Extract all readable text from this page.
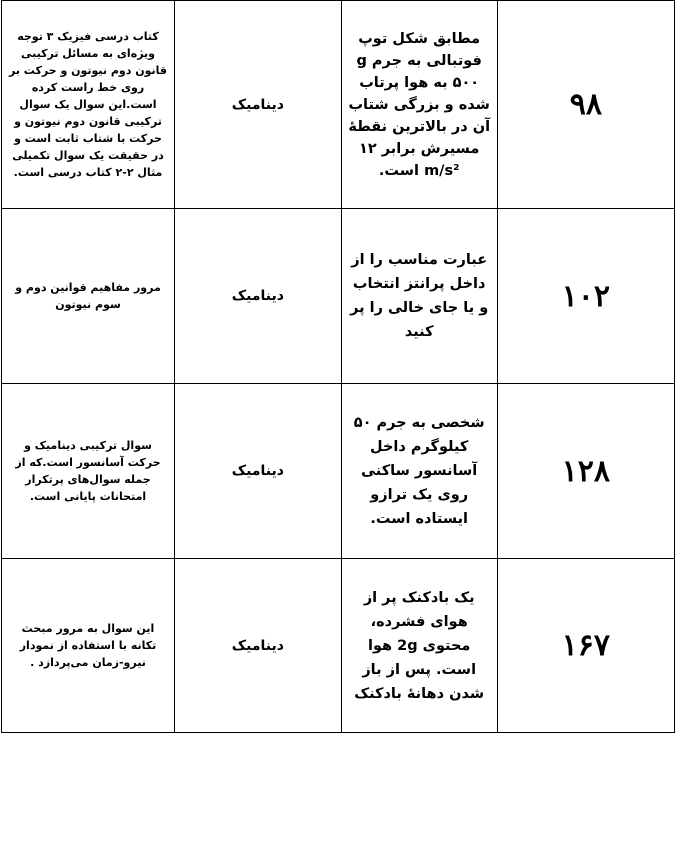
کتاب درسی فیزیک ۳ توجه ویژه‌ای به مسائل ترکیبی قانون دوم نیوتون و حرکت بر روی خط راست کرده است.این سوال یک سوال ترکیبی قانون دوم نیوتون و حرکت با شتاب ثابت است و در حقیقت یک سوال تکمیلی مثال ۲-۲ کتاب درسی است.	دینامیک	مطابق شکل توپ فوتبالی به جرم g ۵۰۰ به هوا پرتاب شده و بزرگی شتاب آن در بالاترین نقطهٔ مسیرش برابر ۱۲ m/s² است.	۹۸

مرور مفاهیم قوانین دوم و سوم نیوتون	دینامیک	عبارت مناسب را از داخل پرانتز انتخاب و یا جای خالی را پر کنید	۱۰۲

سوال ترکیبی دینامیک و حرکت آسانسور است.که از جمله سوال‌های پرتکرار امتحانات پایانی است.	دینامیک	شخصی به جرم ۵۰ کیلوگرم داخل آسانسور ساکنی روی یک ترازو ایستاده است.	۱۲۸

این سوال به مرور مبحث تکانه با استفاده از نمودار نیرو-زمان می‌پردازد .	دینامیک	یک بادکنک پر از هوای فشرده، محتوی 2g هوا است. پس از باز شدن دهانهٔ بادکنک	۱۶۷
